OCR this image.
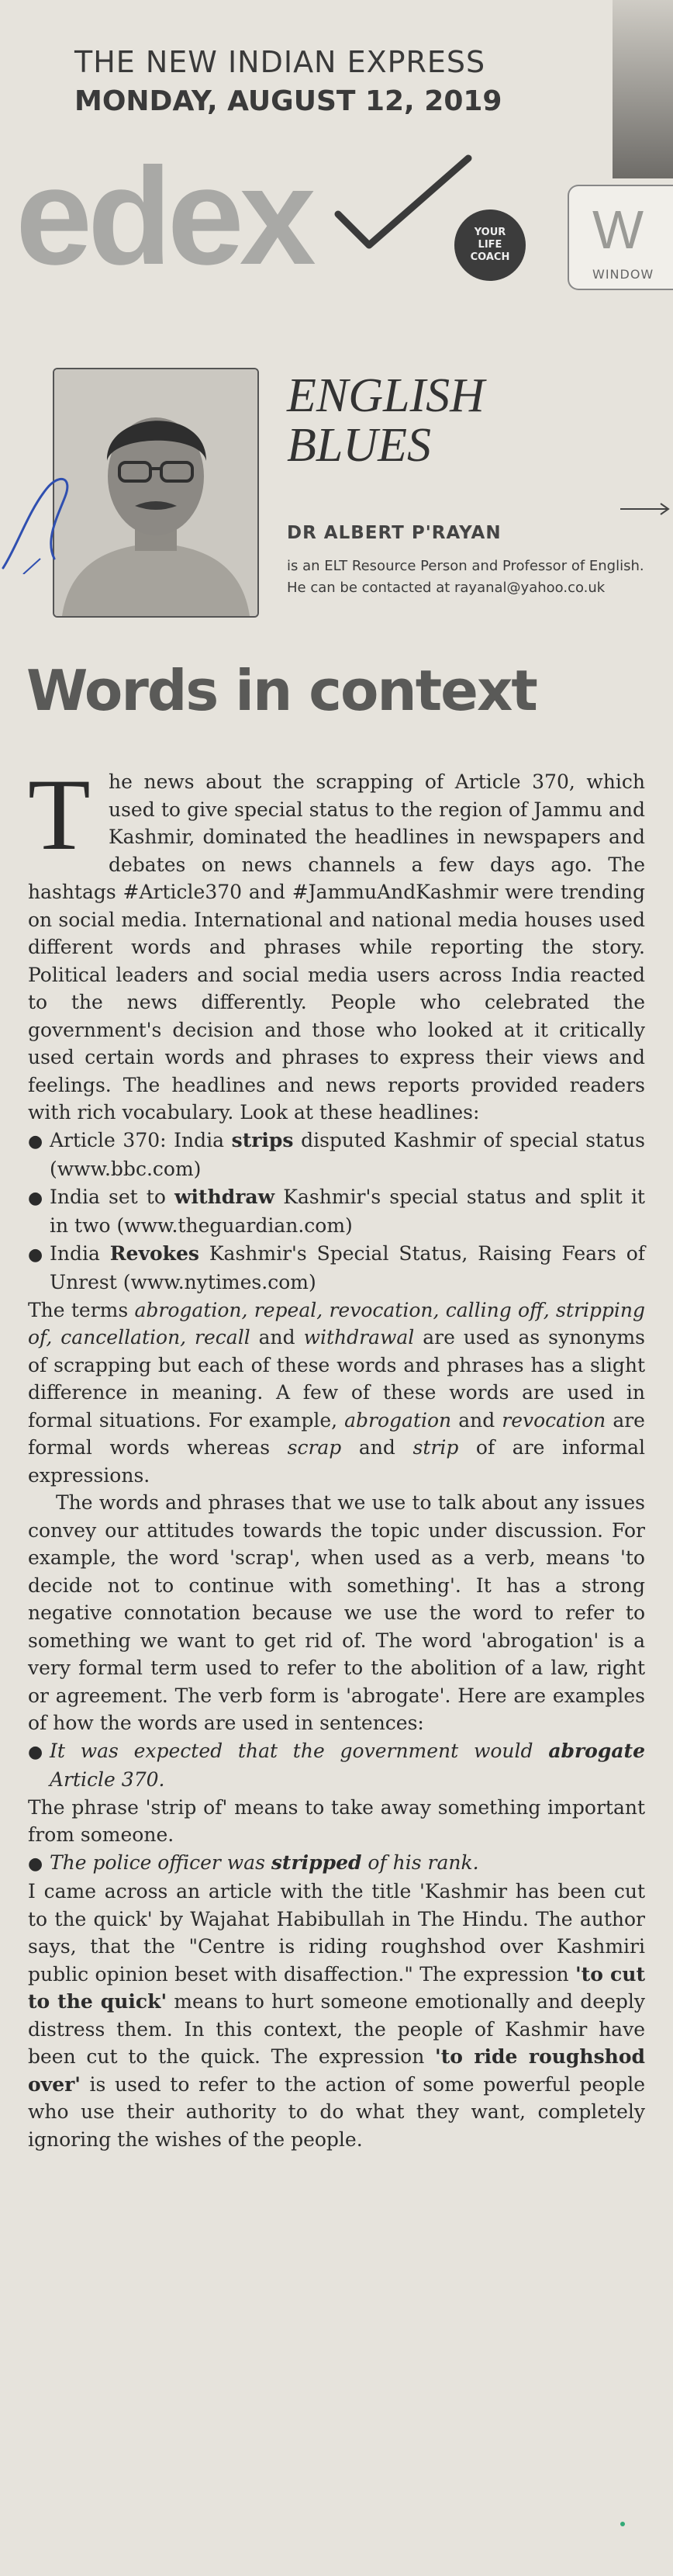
THE NEW INDIAN EXPRESS
MONDAY, AUGUST 12, 2019
edex	YOUR
LIFE
COACH W
WINDOW
ENGLISH
BLUES
DR ALBERT P'RAYAN
is an ELT Resource Person and Professor of English.
He can be contacted at rayanal@yahoo.co.uk
Words in context

The news about the scrapping of Article 370, which used to give special status to the region of Jammu and Kashmir, dominated the headlines in newspapers and debates on news channels a few days ago. The hashtags #Article370 and #JammuAndKashmir were trending on social media. International and national media houses used different words and phrases while reporting the story. Political leaders and social media users across India reacted to the news differently. People who celebrated the government's decision and those who looked at it critically used certain words and phrases to express their views and feelings. The headlines and news reports provided readers with rich vocabulary. Look at these headlines:

● Article 370: India strips disputed Kashmir of special status (www.bbc.com)

● India set to withdraw Kashmir's special status and split it in two (www.theguardian.com)

● India Revokes Kashmir's Special Status, Raising Fears of Unrest (www.nytimes.com)

The terms abrogation, repeal, revocation, calling off, stripping of, cancellation, recall and withdrawal are used as synonyms of scrapping but each of these words and phrases has a slight difference in meaning. A few of these words are used in formal situations. For example, abrogation and revocation are formal words whereas scrap and strip of are informal expressions.

The words and phrases that we use to talk about any issues convey our attitudes towards the topic under discussion. For example, the word 'scrap', when used as a verb, means 'to decide not to continue with something'. It has a strong negative connotation because we use the word to refer to something we want to get rid of. The word 'abrogation' is a very formal term used to refer to the abolition of a law, right or agreement. The verb form is 'abrogate'. Here are examples of how the words are used in sentences:

● It was expected that the government would abrogate Article 370.

The phrase 'strip of' means to take away something important from someone.

● The police officer was stripped of his rank.

I came across an article with the title 'Kashmir has been cut to the quick' by Wajahat Habibullah in The Hindu. The author says, that the "Centre is riding roughshod over Kashmiri public opinion beset with disaffection." The expression 'to cut to the quick' means to hurt someone emotionally and deeply distress them. In this context, the people of Kashmir have been cut to the quick. The expression 'to ride roughshod over' is used to refer to the action of some powerful people who use their authority to do what they want, completely ignoring the wishes of the people.
